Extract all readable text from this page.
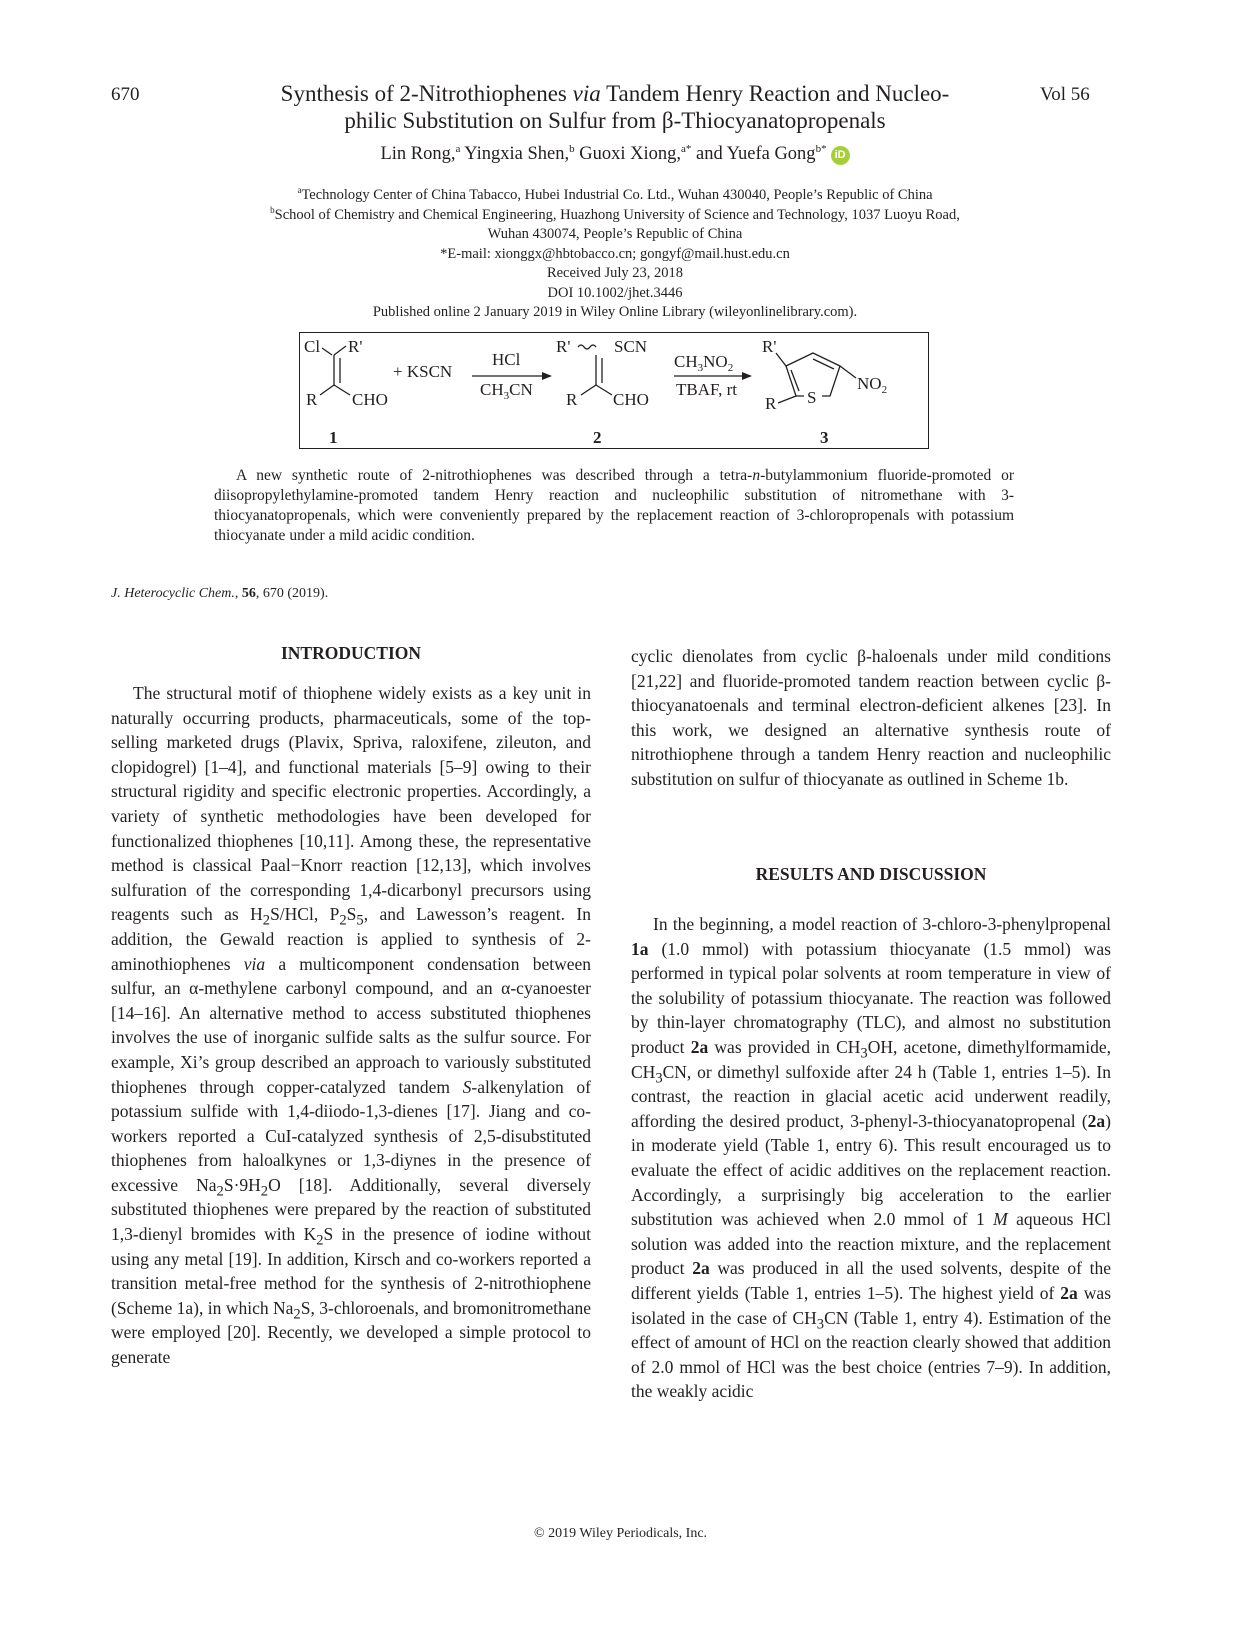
670	Vol 56
Synthesis of 2-Nitrothiophenes via Tandem Henry Reaction and Nucleo-
philic Substitution on Sulfur from β-Thiocyanatopropenals
Lin Rong,$^a$ Yingxia Shen,$^b$ Guoxi Xiong,$^{a*}$ and Yuefa Gong$^{b*}$iD
$^a$Technology Center of China Tabacco, Hubei Industrial Co. Ltd., Wuhan 430040, People’s Republic of China
$^b$School of Chemistry and Chemical Engineering, Huazhong University of Science and Technology, 1037 Luoyu Road,
Wuhan 430074, People’s Republic of China
*E-mail: xionggx@hbtobacco.cn; gongyf@mail.hust.edu.cn
Received July 23, 2018
DOI 10.1002/jhet.3446
Published online 2 January 2019 in Wiley Online Library (wileyonlinelibrary.com).
Cl R'
R CHO
1
+ KSCN
HCl
$CH_3CN$
R'	SCN
R CHO
2
$CH_3NO_2$
TBAF, rt
R'
S
R
$NO_2$
3
A new synthetic route of 2-nitrothiophenes was described through a tetra-n-butylammonium fluoride-promoted or diisopropylethylamine-promoted tandem Henry reaction and nucleophilic substitution of nitromethane with 3-thiocyanatopropenals, which were conveniently prepared by the replacement reaction of 3-chloropropenals with potassium thiocyanate under a mild acidic condition.
J. Heterocyclic Chem., 56, 670 (2019).
INTRODUCTION

The structural motif of thiophene widely exists as a key unit in naturally occurring products, pharmaceuticals, some of the top-selling marketed drugs (Plavix, Spriva, raloxifene, zileuton, and clopidogrel) [1–4], and functional materials [5–9] owing to their structural rigidity and specific electronic properties. Accordingly, a variety of synthetic methodologies have been developed for functionalized thiophenes [10,11]. Among these, the representative method is classical Paal−Knorr reaction [12,13], which involves sulfuration of the corresponding 1,4-dicarbonyl precursors using reagents such as $H_2S$/HCl, $P_2S_5$, and Lawesson’s reagent. In addition, the Gewald reaction is applied to synthesis of 2-aminothiophenes via a multicomponent condensation between sulfur, an α-methylene carbonyl compound, and an α-cyanoester [14–16]. An alternative method to access substituted thiophenes involves the use of inorganic sulfide salts as the sulfur source. For example, Xi’s group described an approach to variously substituted thiophenes through copper-catalyzed tandem S-alkenylation of potassium sulfide with 1,4-diiodo-1,3-dienes [17]. Jiang and co-workers reported a CuI-catalyzed synthesis of 2,5-disubstituted thiophenes from haloalkynes or 1,3-diynes in the presence of excessive $Na_2S\cdot 9H_2O$ [18]. Additionally, several diversely substituted thiophenes were prepared by the reaction of substituted 1,3-dienyl bromides with $K_2S$ in the presence of iodine without using any metal [19]. In addition, Kirsch and co-workers reported a transition metal-free method for the synthesis of 2-nitrothiophene (Scheme 1a), in which $Na_2S$, 3-chloroenals, and bromonitromethane were employed [20]. Recently, we developed a simple protocol to generate

cyclic dienolates from cyclic β-haloenals under mild conditions [21,22] and fluoride-promoted tandem reaction between cyclic β-thiocyanatoenals and terminal electron-deficient alkenes [23]. In this work, we designed an alternative synthesis route of nitrothiophene through a tandem Henry reaction and nucleophilic substitution on sulfur of thiocyanate as outlined in Scheme 1b.

RESULTS AND DISCUSSION

In the beginning, a model reaction of 3-chloro-3-phenylpropenal 1a (1.0 mmol) with potassium thiocyanate (1.5 mmol) was performed in typical polar solvents at room temperature in view of the solubility of potassium thiocyanate. The reaction was followed by thin-layer chromatography (TLC), and almost no substitution product 2a was provided in $CH_3OH$, acetone, dimethylformamide, $CH_3CN$, or dimethyl sulfoxide after 24 h (Table 1, entries 1–5). In contrast, the reaction in glacial acetic acid underwent readily, affording the desired product, 3-phenyl-3-thiocyanatopropenal (2a) in moderate yield (Table 1, entry 6). This result encouraged us to evaluate the effect of acidic additives on the replacement reaction. Accordingly, a surprisingly big acceleration to the earlier substitution was achieved when 2.0 mmol of 1 M aqueous HCl solution was added into the reaction mixture, and the replacement product 2a was produced in all the used solvents, despite of the different yields (Table 1, entries 1–5). The highest yield of 2a was isolated in the case of $CH_3CN$ (Table 1, entry 4). Estimation of the effect of amount of HCl on the reaction clearly showed that addition of 2.0 mmol of HCl was the best choice (entries 7–9). In addition, the weakly acidic

© 2019 Wiley Periodicals, Inc.
